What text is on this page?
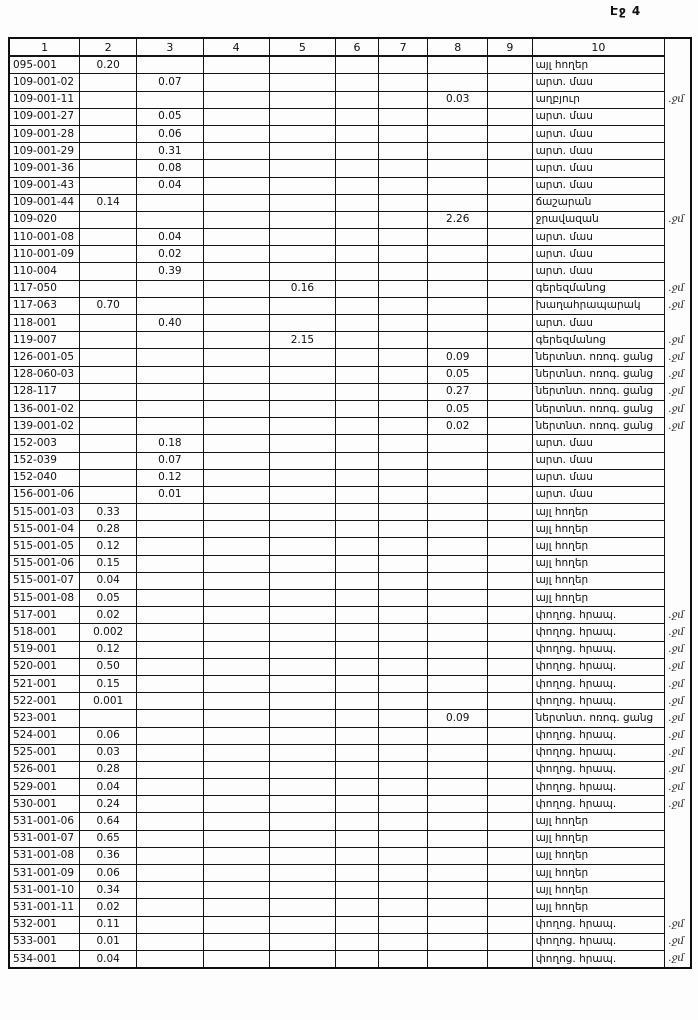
Էջ 4
1	2	3	4	5	6	7	8	9	10	
095-001	0.20								այլ հողեր	
109-001-02		0.07							արտ. մաս	
109-001-11							0.03		աղբյուր	.ջմ
109-001-27		0.05							արտ. մաս	
109-001-28		0.06							արտ. մաս	
109-001-29		0.31							արտ. մաս	
109-001-36		0.08							արտ. մաս	
109-001-43		0.04							արտ. մաս	
109-001-44	0.14								ճաշարան	
109-020							2.26		ջրավազան	.ջմ
110-001-08		0.04							արտ. մաս	
110-001-09		0.02							արտ. մաս	
110-004		0.39							արտ. մաս	
117-050				0.16					գերեզմանոց	.ջմ
117-063	0.70								խաղահրապարակ	.ջմ
118-001		0.40							արտ. մաս	
119-007				2.15					գերեզմանոց	.ջմ
126-001-05							0.09		ներտնտ. ոռոգ. ցանց	.ջմ
128-060-03							0.05		ներտնտ. ոռոգ. ցանց	.ջմ
128-117							0.27		ներտնտ. ոռոգ. ցանց	.ջմ
136-001-02							0.05		ներտնտ. ոռոգ. ցանց	.ջմ
139-001-02							0.02		ներտնտ. ոռոգ. ցանց	.ջմ
152-003		0.18							արտ. մաս	
152-039		0.07							արտ. մաս	
152-040		0.12							արտ. մաս	
156-001-06		0.01							արտ. մաս	
515-001-03	0.33								այլ հողեր	
515-001-04	0.28								այլ հողեր	
515-001-05	0.12								այլ հողեր	
515-001-06	0.15								այլ հողեր	
515-001-07	0.04								այլ հողեր	
515-001-08	0.05								այլ հողեր	
517-001	0.02								փողոց. հրապ.	.ջմ
518-001	0.002								փողոց. հրապ.	.ջմ
519-001	0.12								փողոց. հրապ.	.ջմ
520-001	0.50								փողոց. հրապ.	.ջմ
521-001	0.15								փողոց. հրապ.	.ջմ
522-001	0.001								փողոց. հրապ.	.ջմ
523-001							0.09		ներտնտ. ոռոգ. ցանց	.ջմ
524-001	0.06								փողոց. հրապ.	.ջմ
525-001	0.03								փողոց. հրապ.	.ջմ
526-001	0.28								փողոց. հրապ.	.ջմ
529-001	0.04								փողոց. հրապ.	.ջմ
530-001	0.24								փողոց. հրապ.	.ջմ
531-001-06	0.64								այլ հողեր	
531-001-07	0.65								այլ հողեր	
531-001-08	0.36								այլ հողեր	
531-001-09	0.06								այլ հողեր	
531-001-10	0.34								այլ հողեր	
531-001-11	0.02								այլ հողեր	
532-001	0.11								փողոց. հրապ.	.ջմ
533-001	0.01								փողոց. հրապ.	.ջմ
534-001	0.04								փողոց. հրապ.	.ջմ
